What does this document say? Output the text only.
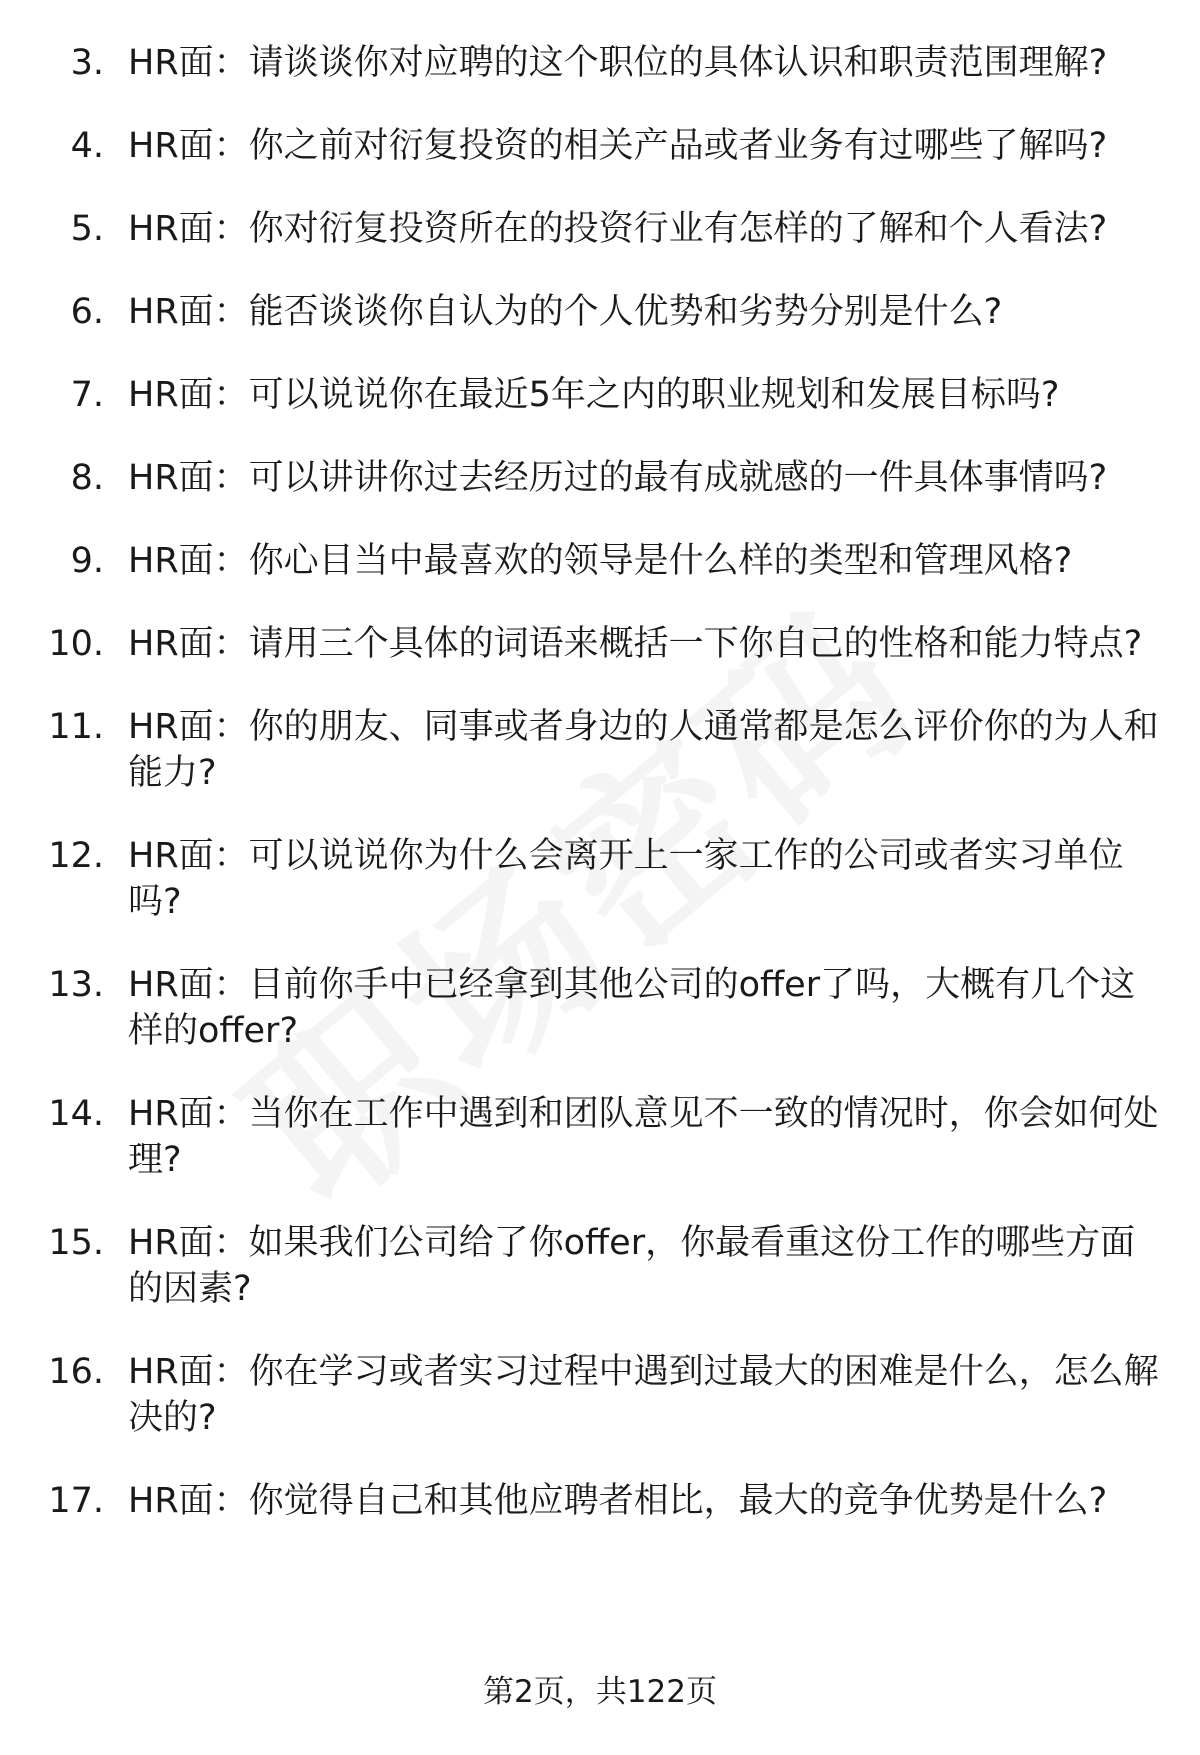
3. HR面：请谈谈你对应聘的这个职位的具体认识和职责范围理解?
4. HR面：你之前对衍复投资的相关产品或者业务有过哪些了解吗?
5. HR面：你对衍复投资所在的投资行业有怎样的了解和个人看法?
6. HR面：能否谈谈你自认为的个人优势和劣势分别是什么?
7. HR面：可以说说你在最近5年之内的职业规划和发展目标吗?
8. HR面：可以讲讲你过去经历过的最有成就感的一件具体事情吗?
9. HR面：你心目当中最喜欢的领导是什么样的类型和管理风格?
10. HR面：请用三个具体的词语来概括一下你自己的性格和能力特点?
11. HR面：你的朋友、同事或者身边的人通常都是怎么评价你的为人和能力?
12. HR面：可以说说你为什么会离开上一家工作的公司或者实习单位吗?
13. HR面：目前你手中已经拿到其他公司的offer了吗，大概有几个这样的offer?
14. HR面：当你在工作中遇到和团队意见不一致的情况时，你会如何处理?
15. HR面：如果我们公司给了你offer，你最看重这份工作的哪些方面的因素?
16. HR面：你在学习或者实习过程中遇到过最大的困难是什么，怎么解决的?
17. HR面：你觉得自己和其他应聘者相比，最大的竞争优势是什么?
第2页，共122页
